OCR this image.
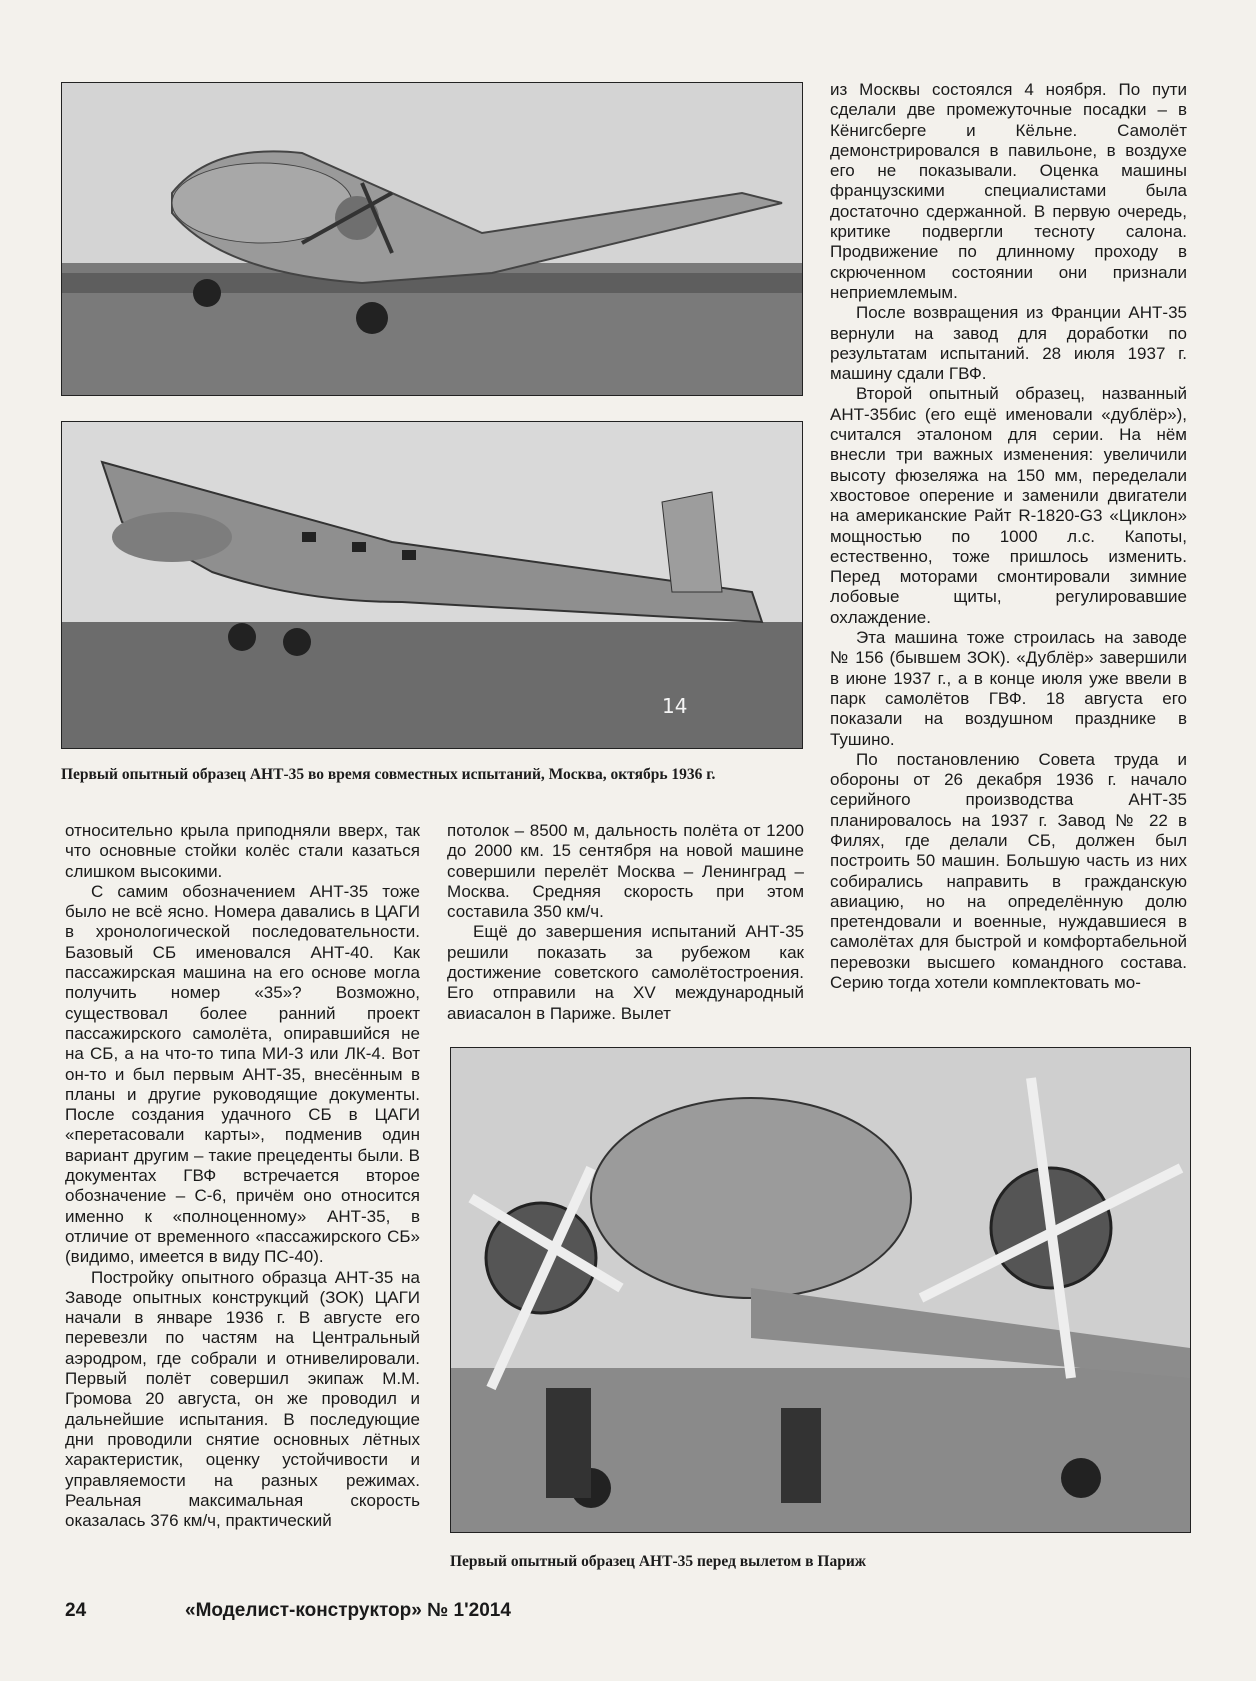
14
Первый опытный образец АНТ-35 во время совместных испытаний, Москва, октябрь 1936 г.

из Москвы состоялся 4 ноября. По пути сделали две промежуточные посадки – в Кёнигсберге и Кёльне. Самолёт демонстрировался в павильоне, в воздухе его не показывали. Оценка машины французскими специалистами была достаточно сдержанной. В первую очередь, критике подвергли тесноту салона. Продвижение по длинному проходу в скрюченном состоянии они признали неприемлемым.

После возвращения из Франции АНТ-35 вернули на завод для доработки по результатам испытаний. 28 июля 1937 г. машину сдали ГВФ.

Второй опытный образец, названный АНТ-35бис (его ещё именовали «дублёр»), считался эталоном для серии. На нём внесли три важных изменения: увеличили высоту фюзеляжа на 150 мм, переделали хвостовое оперение и заменили двигатели на американские Райт R-1820-G3 «Циклон» мощностью по 1000 л.с. Капоты, естественно, тоже пришлось изменить. Перед моторами смонтировали зимние лобовые щиты, регулировавшие охлаждение.

Эта машина тоже строилась на заводе № 156 (бывшем ЗОК). «Дублёр» завершили в июне 1937 г., а в конце июля уже ввели в парк самолётов ГВФ. 18 августа его показали на воздушном празднике в Тушино.

По постановлению Совета труда и обороны от 26 декабря 1936 г. начало серийного производства АНТ-35 планировалось на 1937 г. Завод № 22 в Филях, где делали СБ, должен был построить 50 машин. Большую часть из них собирались направить в гражданскую авиацию, но на определённую долю претендовали и военные, нуждавшиеся в самолётах для быстрой и комфортабельной перевозки высшего командного состава. Серию тогда хотели комплектовать мо-

относительно крыла приподняли вверх, так что основные стойки колёс стали казаться слишком высокими.

С самим обозначением АНТ-35 тоже было не всё ясно. Номера давались в ЦАГИ в хронологической последовательности. Базовый СБ именовался АНТ-40. Как пассажирская машина на его основе могла получить номер «35»? Возможно, существовал более ранний проект пассажирского самолёта, опиравшийся не на СБ, а на что-то типа МИ-3 или ЛК-4. Вот он-то и был первым АНТ-35, внесённым в планы и другие руководящие документы. После создания удачного СБ в ЦАГИ «перетасовали карты», подменив один вариант другим – такие прецеденты были. В документах ГВФ встречается второе обозначение – С-6, причём оно относится именно к «полноценному» АНТ-35, в отличие от временного «пассажирского СБ» (видимо, имеется в виду ПС-40).

Постройку опытного образца АНТ-35 на Заводе опытных конструкций (ЗОК) ЦАГИ начали в январе 1936 г. В августе его перевезли по частям на Центральный аэродром, где собрали и отнивелировали. Первый полёт совершил экипаж М.М. Громова 20 августа, он же проводил и дальнейшие испытания. В последующие дни проводили снятие основных лётных характеристик, оценку устойчивости и управляемости на разных режимах. Реальная максимальная скорость оказалась 376 км/ч, практический

потолок – 8500 м, дальность полёта от 1200 до 2000 км. 15 сентября на новой машине совершили перелёт Москва – Ленинград – Москва. Средняя скорость при этом составила 350 км/ч.

Ещё до завершения испытаний АНТ-35 решили показать за рубежом как достижение советского самолётостроения. Его отправили на XV международный авиасалон в Париже. Вылет

Первый опытный образец АНТ-35 перед вылетом в Париж
24	«Моделист-конструктор» № 1'2014
